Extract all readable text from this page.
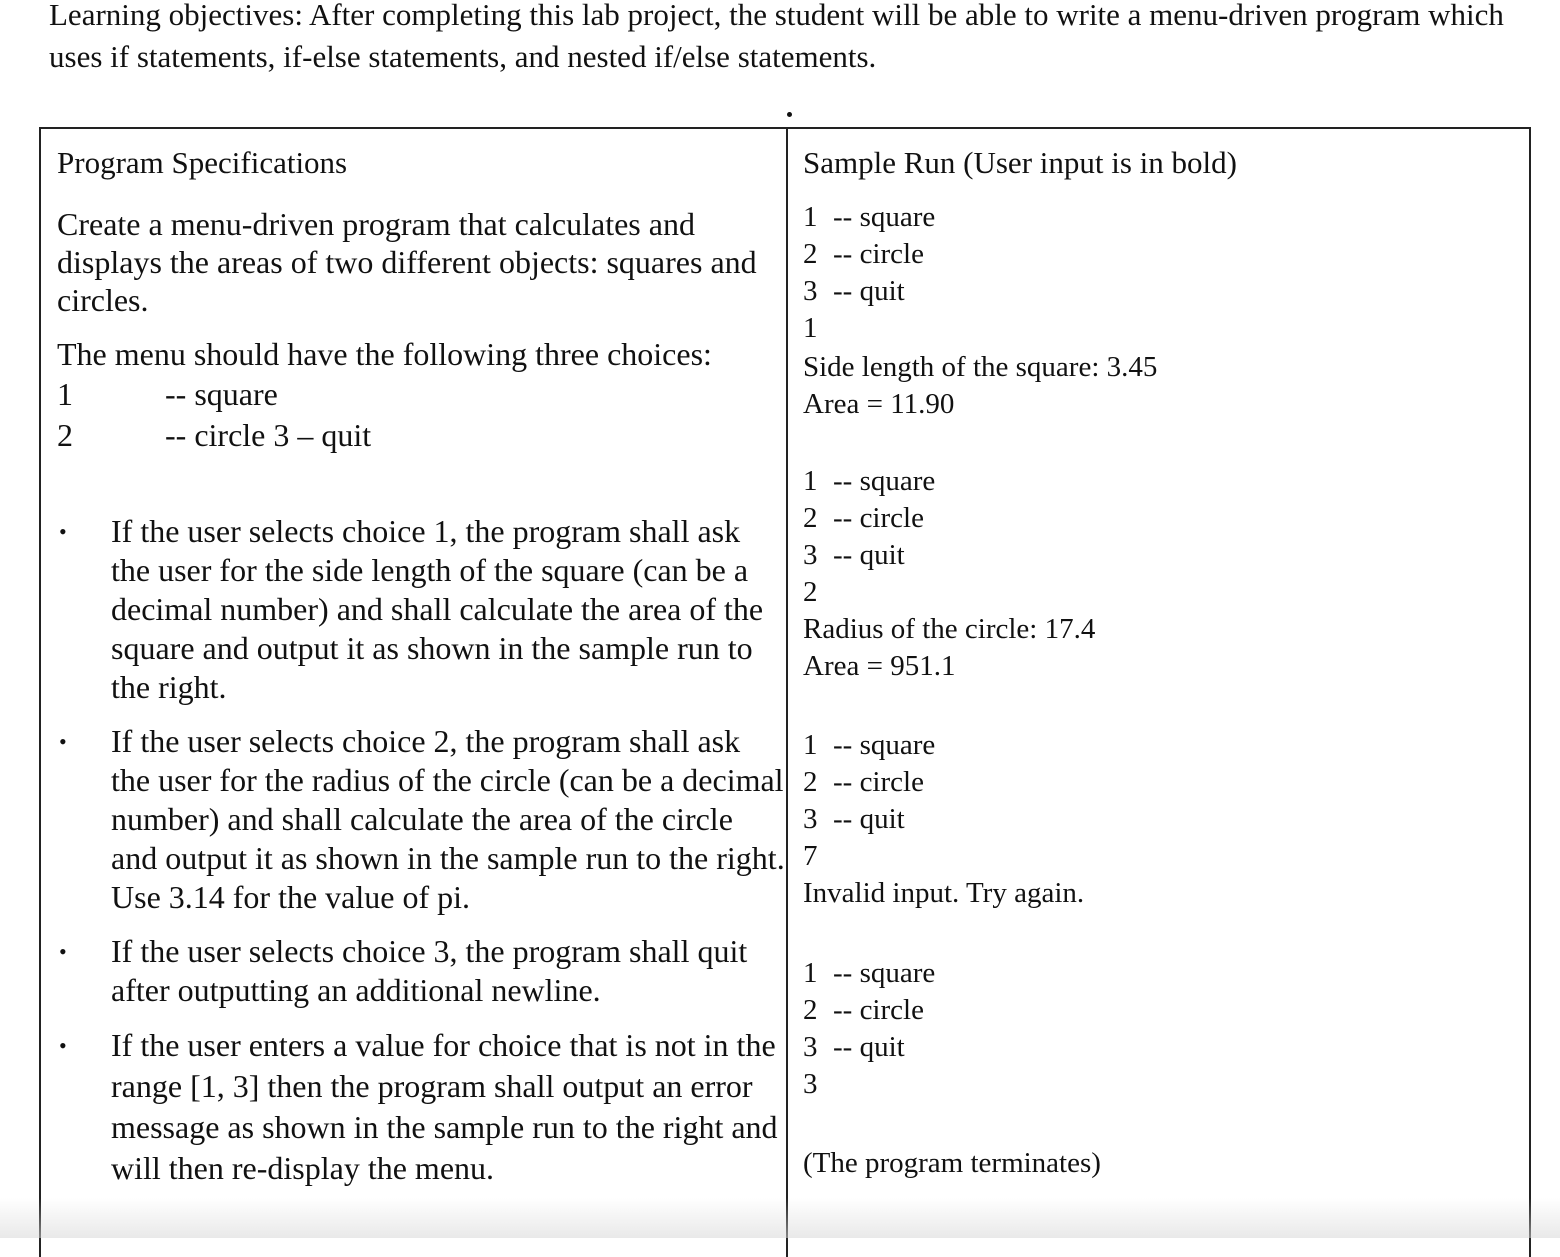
Learning objectives: After completing this lab project, the student will be able to write a menu-driven program which uses if statements, if-else statements, and nested if/else statements.

Program Specifications
Create a menu-driven program that calculates and displays the areas of two different objects: squares and circles.
The menu should have the following three choices:
1	-- square
2	-- circle 3 – quit
• If the user selects choice 1, the program shall ask the user for the side length of the square (can be a decimal number) and shall calculate the area of the square and output it as shown in the sample run to the right.
• If the user selects choice 2, the program shall ask the user for the radius of the circle (can be a decimal number) and shall calculate the area of the circle and output it as shown in the sample run to the right. Use 3.14 for the value of pi.
• If the user selects choice 3, the program shall quit after outputting an additional newline.
• If the user enters a value for choice that is not in the range [1, 3] then the program shall output an error message as shown in the sample run to the right and will then re-display the menu.
Sample Run (User input is in bold)
1 -- square
2 -- circle
3 -- quit
1
Side length of the square: 3.45
Area = 11.90
1 -- square
2 -- circle
3 -- quit
2
Radius of the circle: 17.4
Area = 951.1
1 -- square
2 -- circle
3 -- quit
7
Invalid input. Try again.
1 -- square
2 -- circle
3 -- quit
3
(The program terminates)
